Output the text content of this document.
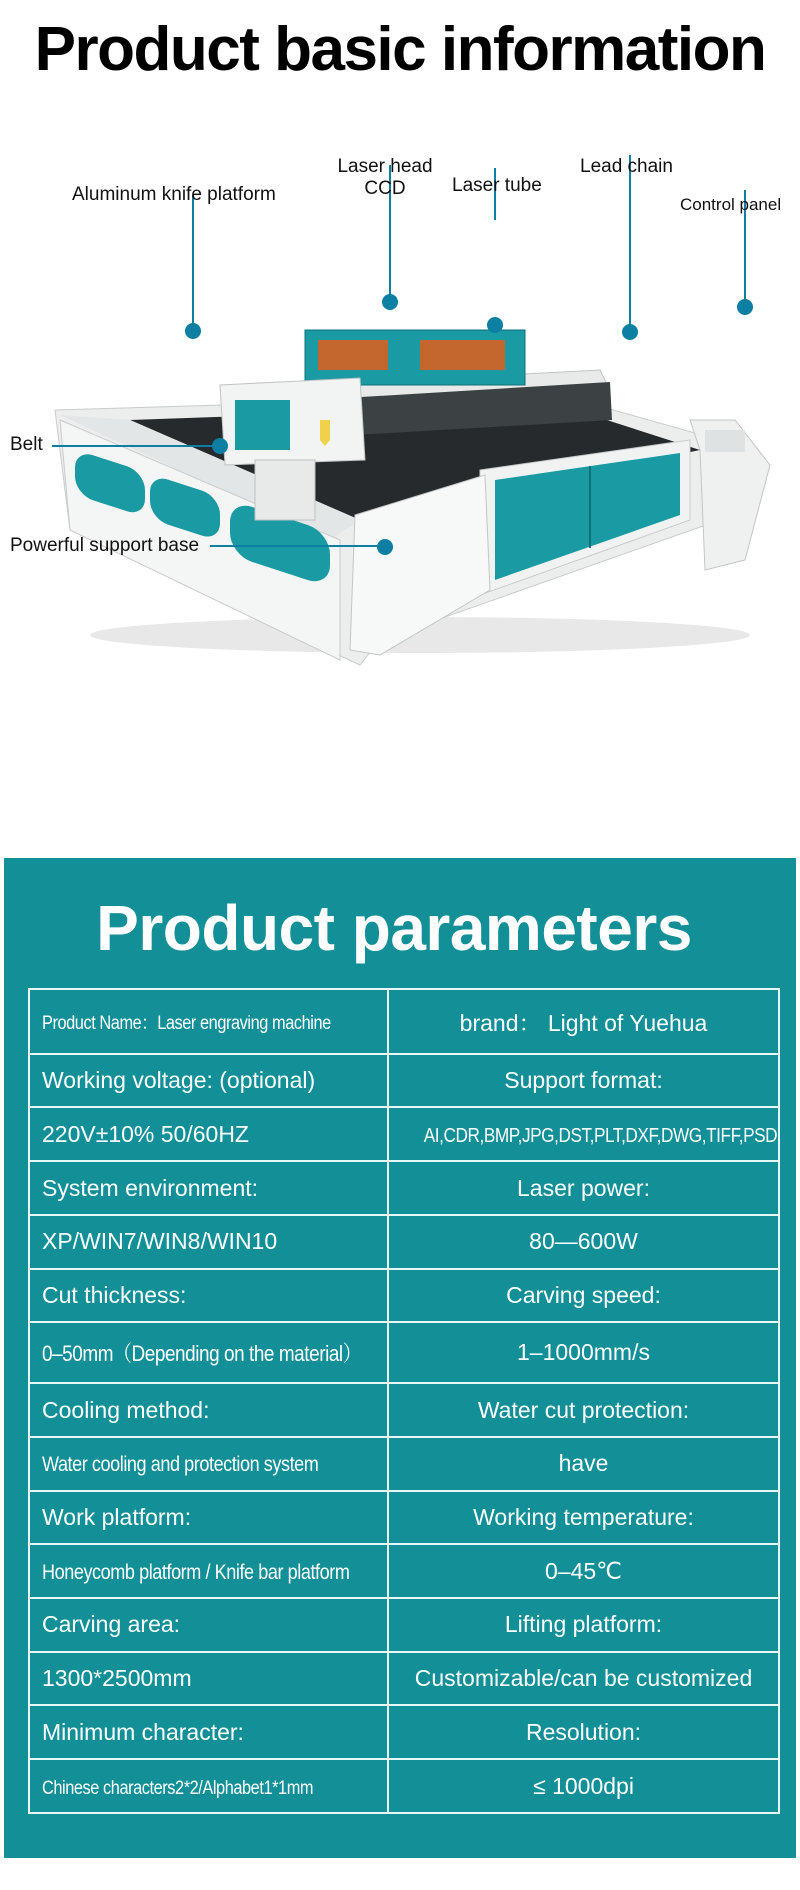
Product basic information
Aluminum knife platform
Laser head
CCD	Laser tube
Lead chain
Control panel
Belt
Powerful support base
Product parameters
Product Name：Laser engraving machine	brand： Light of Yuehua
Working voltage: (optional)	Support format:
220V±10% 50/60HZ	AI,CDR,BMP,JPG,DST,PLT,DXF,DWG,TIFF,PSD
System environment:	Laser power:
XP/WIN7/WIN8/WIN10	80—600W
Cut thickness:	Carving speed:
0–50mm（Depending on the material）	1–1000mm/s
Cooling method:	Water cut protection:
Water cooling and protection system	have
Work platform:	Working temperature:
Honeycomb platform / Knife bar platform	0–45℃
Carving area:	Lifting platform:
1300*2500mm	Customizable/can be customized
Minimum character:	Resolution:
Chinese characters2*2/Alphabet1*1mm	≤ 1000dpi
